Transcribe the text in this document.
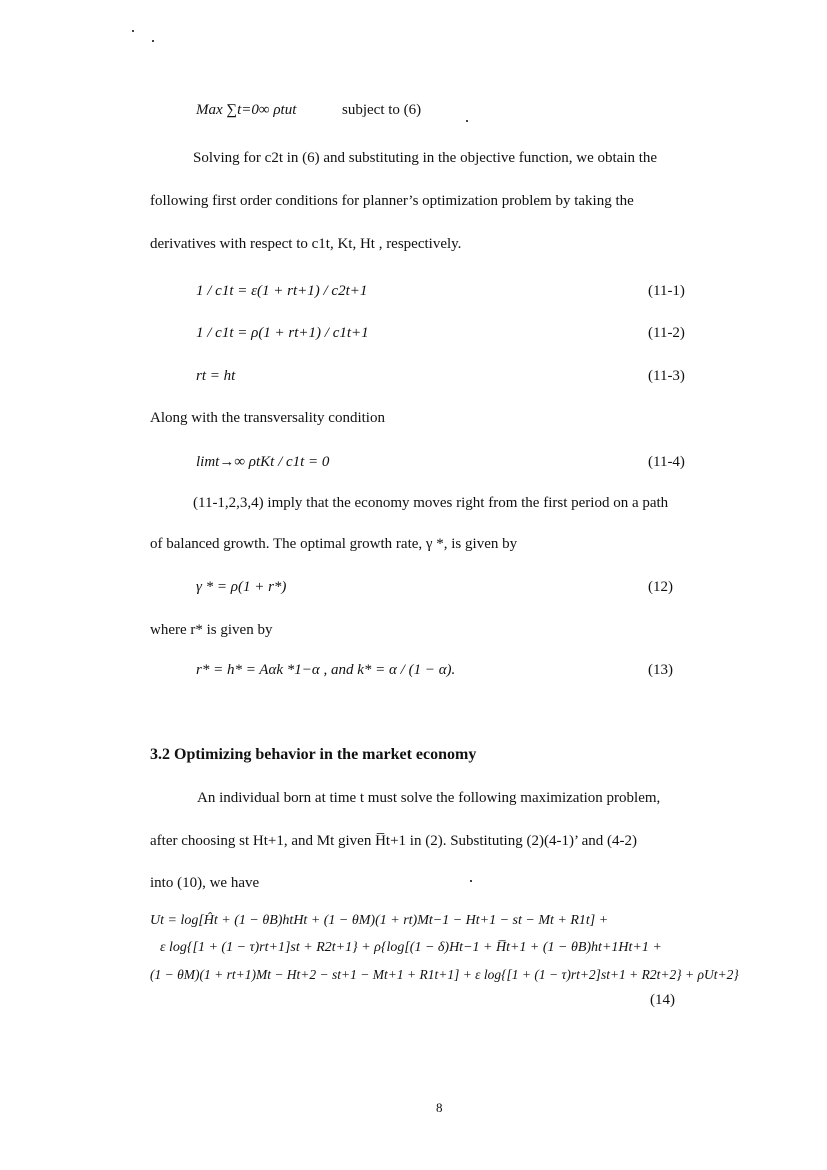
Max ∑t=0∞ ρtut	subject to (6)
Solving for c2t in (6) and substituting in the objective function, we obtain the
following first order conditions for planner’s optimization problem by taking the
derivatives with respect to c1t, Kt, Ht , respectively.
1 / c1t = ε(1 + rt+1) / c2t+1	(11-1)
1 / c1t = ρ(1 + rt+1) / c1t+1	(11-2)
rt = ht	(11-3)
Along with the transversality condition
limt→∞ ρtKt / c1t = 0	(11-4)
(11-1,2,3,4) imply that the economy moves right from the first period on a path
of balanced growth. The optimal growth rate, γ *, is given by
γ * = ρ(1 + r*)	(12)
where r* is given by
r* = h* = Aαk *1−α , and k* = α / (1 − α).	(13)
3.2 Optimizing behavior in the market economy
An individual born at time t must solve the following maximization problem,
after choosing st Ht+1, and Mt given H̅t+1 in (2). Substituting (2)(4-1)’ and (4-2)
into (10), we have
Ut = log[Ĥt + (1 − θB)htHt + (1 − θM)(1 + rt)Mt−1 − Ht+1 − st − Mt + R1t] +
ε log{[1 + (1 − τ)rt+1]st + R2t+1} + ρ{log[(1 − δ)Ht−1 + H̅t+1 + (1 − θB)ht+1Ht+1 +
(1 − θM)(1 + rt+1)Mt − Ht+2 − st+1 − Mt+1 + R1t+1] + ε log{[1 + (1 − τ)rt+2]st+1 + R2t+2} + ρUt+2}
(14)
8
